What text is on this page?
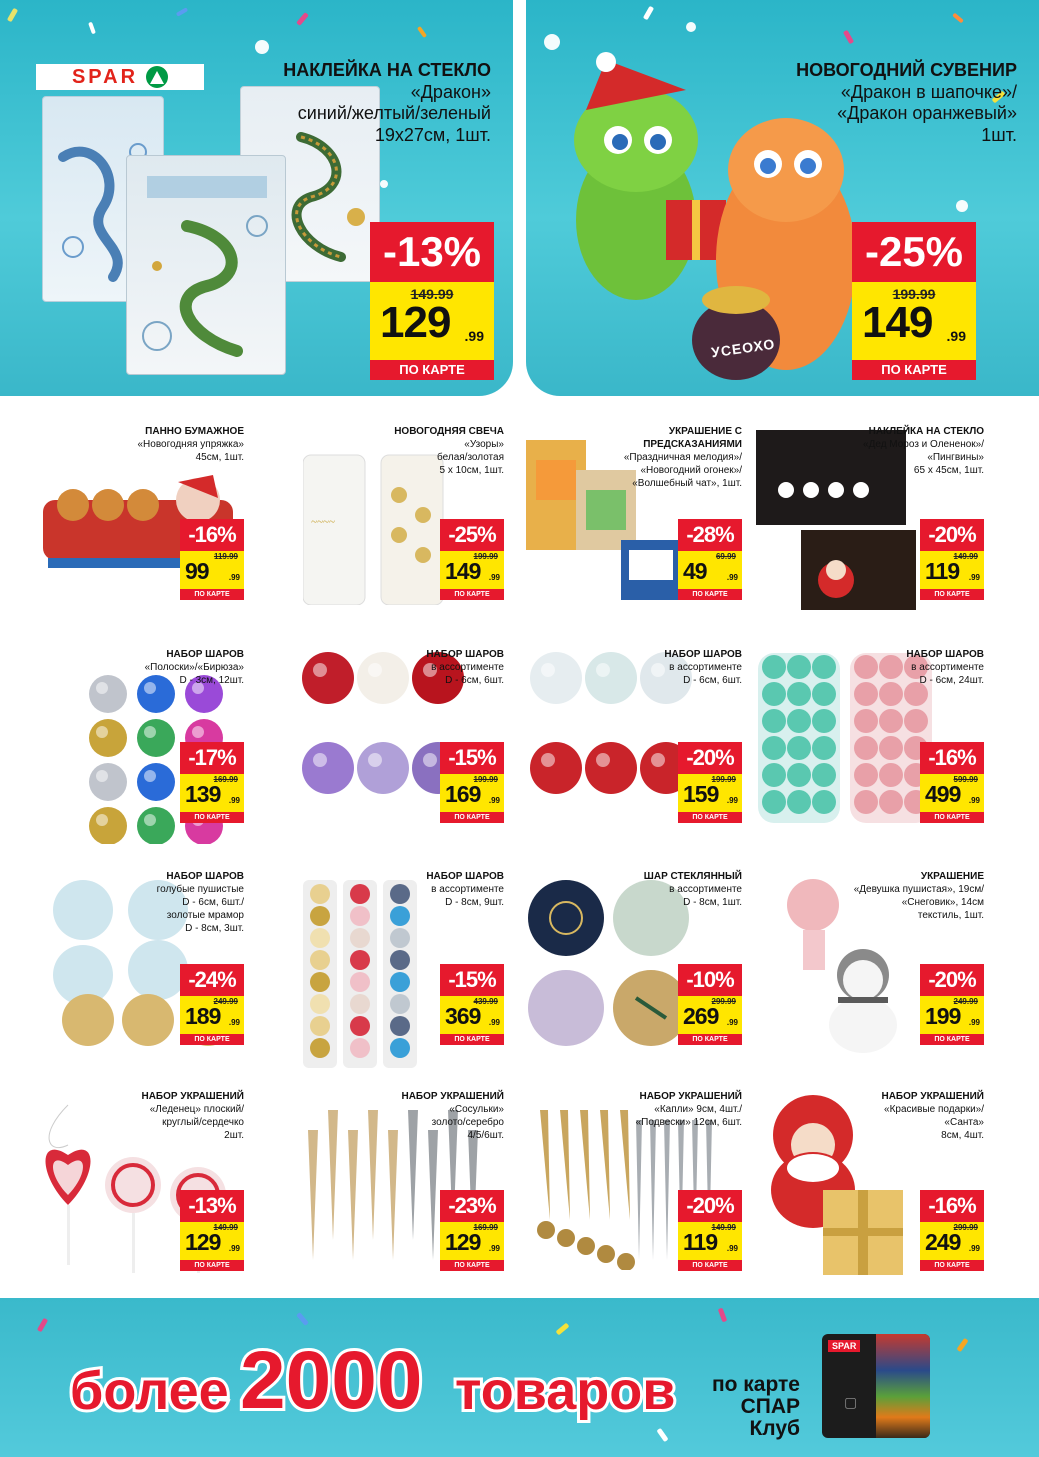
SPAR	НАКЛЕЙКА НА СТЕКЛО
«Дракон»
синий/желтый/зеленый
19х27см, 1шт.
-13%
149.99
129 .99
ПО КАРТЕ
УСЕОХО
НОВОГОДНИЙ СУВЕНИР
«Дракон в шапочке»/
«Дракон оранжевый»
1шт.
-25%
199.99
149 .99
ПО КАРТЕ
ПАННО БУМАЖНОЕ
«Новогодняя упряжка»
45см, 1шт.
-16%
119.99
99	.99
ПО КАРТЕ
~~~~
НОВОГОДНЯЯ СВЕЧА
«Узоры»
белая/золотая
5 х 10см, 1шт.
-25%
199.99
149 .99
ПО КАРТЕ
УКРАШЕНИЕ С ПРЕДСКАЗАНИЯМИ
«Праздничная мелодия»/
«Новогодний огонек»/
«Волшебный чат», 1шт.
-28%
69.99
49	.99
ПО КАРТЕ
НАКЛЕЙКА НА СТЕКЛО
«Дед Мороз и Олененок»/
«Пингвины»
65 х 45см, 1шт.
-20%
149.99
119 .99
ПО КАРТЕ
НАБОР ШАРОВ
«Полоски»/«Бирюза»
D - 3см, 12шт.
-17%
169.99
139 .99
ПО КАРТЕ
НАБОР ШАРОВ
в ассортименте
D - 6см, 6шт.
-15%
199.99
169 .99
ПО КАРТЕ
НАБОР ШАРОВ
в ассортименте
D - 6см, 6шт.
-20%
199.99
159 .99
ПО КАРТЕ
НАБОР ШАРОВ
в ассортименте
D - 6см, 24шт.
-16%
599.99
499 .99
ПО КАРТЕ
НАБОР ШАРОВ
голубые пушистые
D - 6см, 6шт./
золотые мрамор
D - 8см, 3шт.
-24%
249.99
189 .99
ПО КАРТЕ
НАБОР ШАРОВ
в ассортименте
D - 8см, 9шт.
-15%
439.99
369 .99
ПО КАРТЕ
ШАР СТЕКЛЯННЫЙ
в ассортименте
D - 8см, 1шт.
-10%
299.99
269 .99
ПО КАРТЕ
УКРАШЕНИЕ
«Девушка пушистая», 19см/
«Снеговик», 14см
текстиль, 1шт.
-20%
249.99
199 .99
ПО КАРТЕ
НАБОР УКРАШЕНИЙ
«Леденец» плоский/
круглый/сердечко
2шт.
-13%
149.99
129 .99
ПО КАРТЕ
НАБОР УКРАШЕНИЙ
«Сосульки»
золото/серебро
4/5/6шт.
-23%
169.99
129 .99
ПО КАРТЕ
НАБОР УКРАШЕНИЙ
«Капли» 9см, 4шт./
«Подвески» 12см, 6шт.
-20%
149.99
119 .99
ПО КАРТЕ
НАБОР УКРАШЕНИЙ
«Красивые подарки»/
«Санта»
8см, 4шт.
-16%
299.99
249 .99
ПО КАРТЕ
более 2000 товаров	по карте
СПАР Клуб
SPAR
▢
